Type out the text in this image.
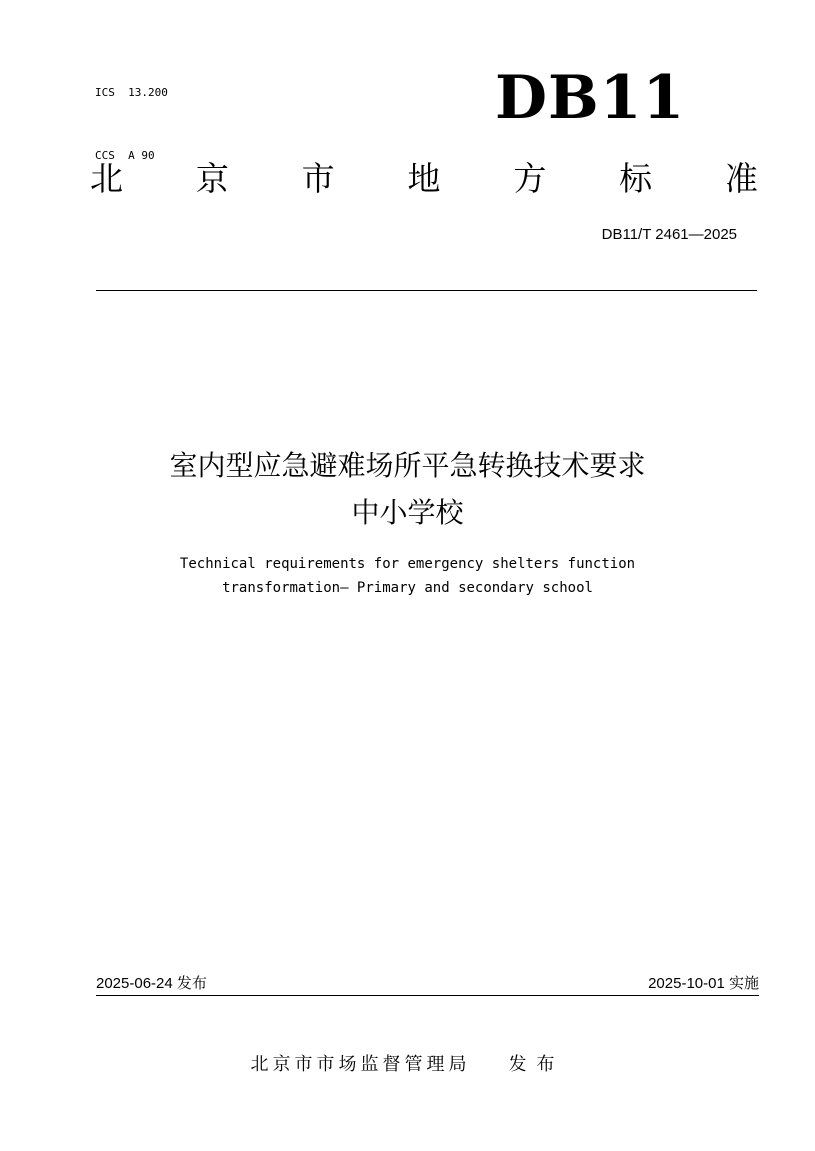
ICS  13.200

CCS  A 90

DB11
北 京 市 地 方 标 准
DB11/T 2461—2025
室内型应急避难场所平急转换技术要求
中小学校
Technical requirements for emergency shelters function
transformation— Primary and secondary school
2025-06-24 发布	2025-10-01 实施
北京市市场监督管理局 发布
